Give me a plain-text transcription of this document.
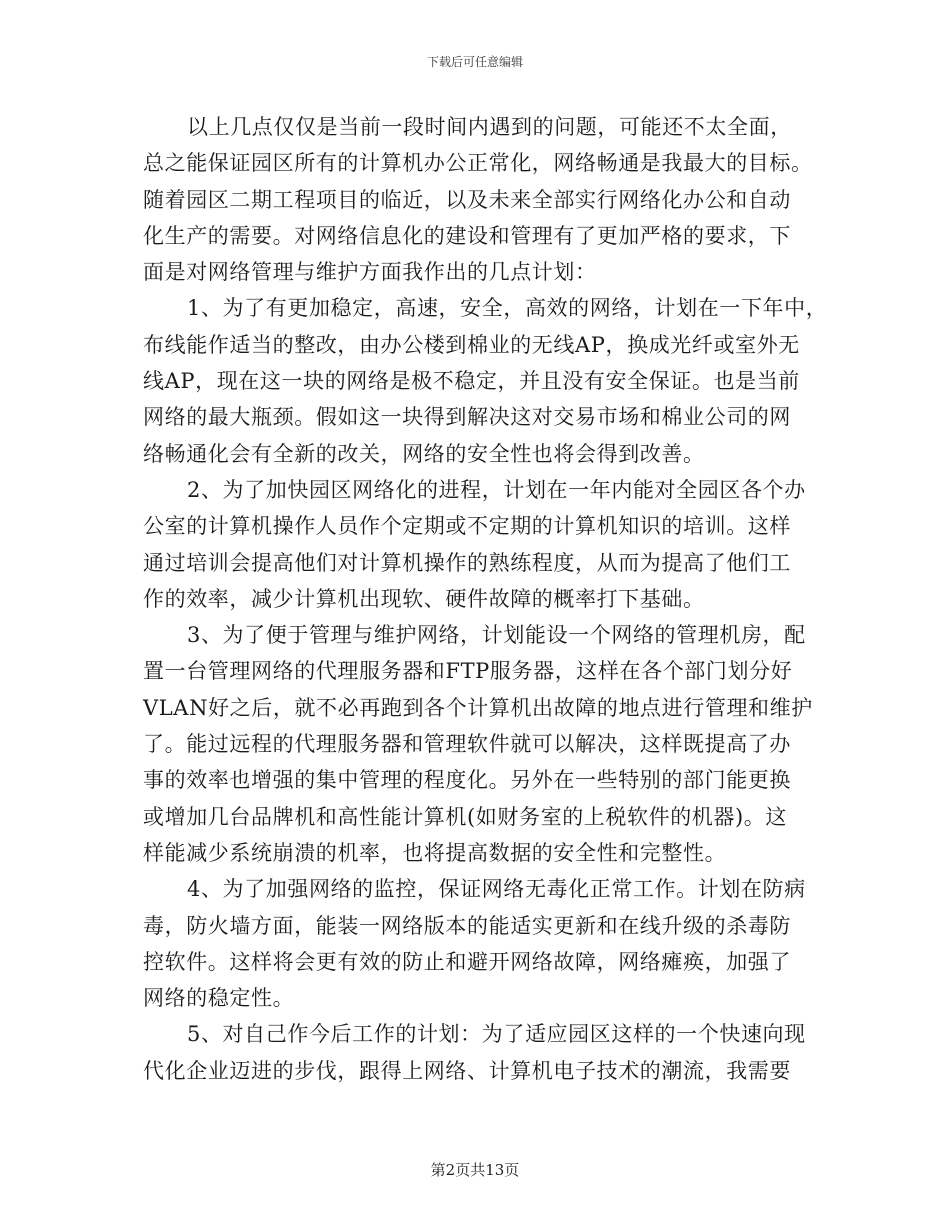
下载后可任意编辑
以上几点仅仅是当前一段时间内遇到的问题，可能还不太全面，
总之能保证园区所有的计算机办公正常化，网络畅通是我最大的目标。
随着园区二期工程项目的临近，以及未来全部实行网络化办公和自动
化生产的需要。对网络信息化的建设和管理有了更加严格的要求，下
面是对网络管理与维护方面我作出的几点计划：
1、为了有更加稳定，高速，安全，高效的网络，计划在一下年中，
布线能作适当的整改，由办公楼到棉业的无线AP，换成光纤或室外无
线AP，现在这一块的网络是极不稳定，并且没有安全保证。也是当前
网络的最大瓶颈。假如这一块得到解决这对交易市场和棉业公司的网
络畅通化会有全新的改关，网络的安全性也将会得到改善。
2、为了加快园区网络化的进程，计划在一年内能对全园区各个办
公室的计算机操作人员作个定期或不定期的计算机知识的培训。这样
通过培训会提高他们对计算机操作的熟练程度，从而为提高了他们工
作的效率，减少计算机出现软、硬件故障的概率打下基础。
3、为了便于管理与维护网络，计划能设一个网络的管理机房，配
置一台管理网络的代理服务器和FTP服务器，这样在各个部门划分好
VLAN好之后，就不必再跑到各个计算机出故障的地点进行管理和维护
了。能过远程的代理服务器和管理软件就可以解决，这样既提高了办
事的效率也增强的集中管理的程度化。另外在一些特别的部门能更换
或增加几台品牌机和高性能计算机(如财务室的上税软件的机器)。这
样能减少系统崩溃的机率，也将提高数据的安全性和完整性。
4、为了加强网络的监控，保证网络无毒化正常工作。计划在防病
毒，防火墙方面，能装一网络版本的能适实更新和在线升级的杀毒防
控软件。这样将会更有效的防止和避开网络故障，网络瘫痪，加强了
网络的稳定性。
5、对自己作今后工作的计划：为了适应园区这样的一个快速向现
代化企业迈进的步伐，跟得上网络、计算机电子技术的潮流，我需要
第2页共13页
